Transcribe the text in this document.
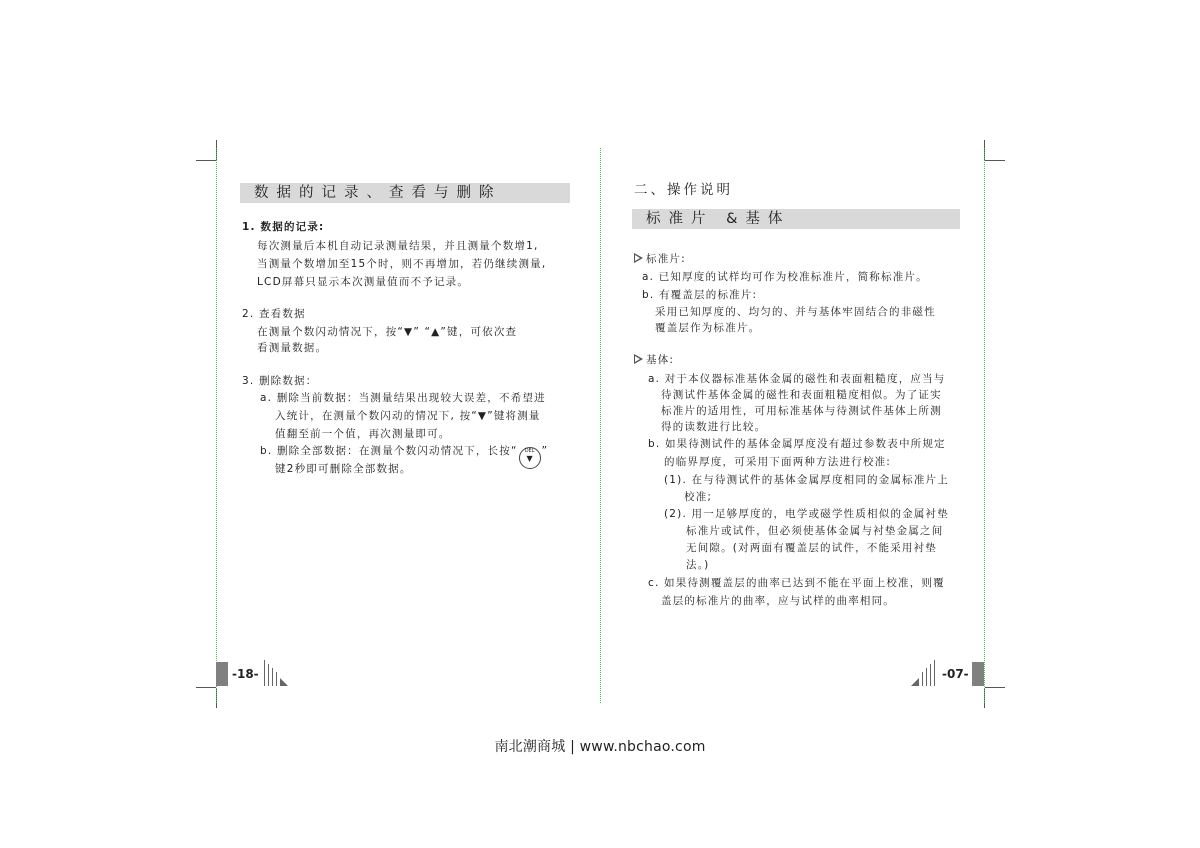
数据的记录、查看与删除
1. 数据的记录:
每次测量后本机自动记录测量结果，并且测量个数增1,
当测量个数增加至15个时，则不再增加，若仍继续测量,
LCD屏幕只显示本次测量值而不予记录。
2. 查看数据
在测量个数闪动情况下，按“▼” “▲”键，可依次查
看测量数据。
3. 删除数据：
a. 删除当前数据：当测量结果出现较大误差，不希望进
入统计，在测量个数闪动的情况下, 按“▼”键将测量
值翻至前一个值，再次测量即可。
b. 删除全部数据：在测量个数闪动情况下，长按“ DEL
▼”
键2秒即可删除全部数据。
-18-
二、操作说明
标准片 &基体
标准片:
a. 已知厚度的试样均可作为校准标准片，简称标准片。
b. 有覆盖层的标准片:
采用已知厚度的、均匀的、并与基体牢固结合的非磁性
覆盖层作为标准片。
基体:
a. 对于本仪器标准基体金属的磁性和表面粗糙度，应当与
待测试件基体金属的磁性和表面粗糙度相似。为了证实
标准片的适用性，可用标准基体与待测试件基体上所测
得的读数进行比较。
b. 如果待测试件的基体金属厚度没有超过参数表中所规定
的临界厚度，可采用下面两种方法进行校准:
(1). 在与待测试件的基体金属厚度相同的金属标准片上
校准;
(2). 用一足够厚度的，电学或磁学性质相似的金属衬垫
标准片或试件，但必须使基体金属与衬垫金属之间
无间隙。(对两面有覆盖层的试件，不能采用衬垫
法。)
c. 如果待测覆盖层的曲率已达到不能在平面上校准，则覆
盖层的标准片的曲率，应与试样的曲率相同。
-07-
南北潮商城 | www.nbchao.com
